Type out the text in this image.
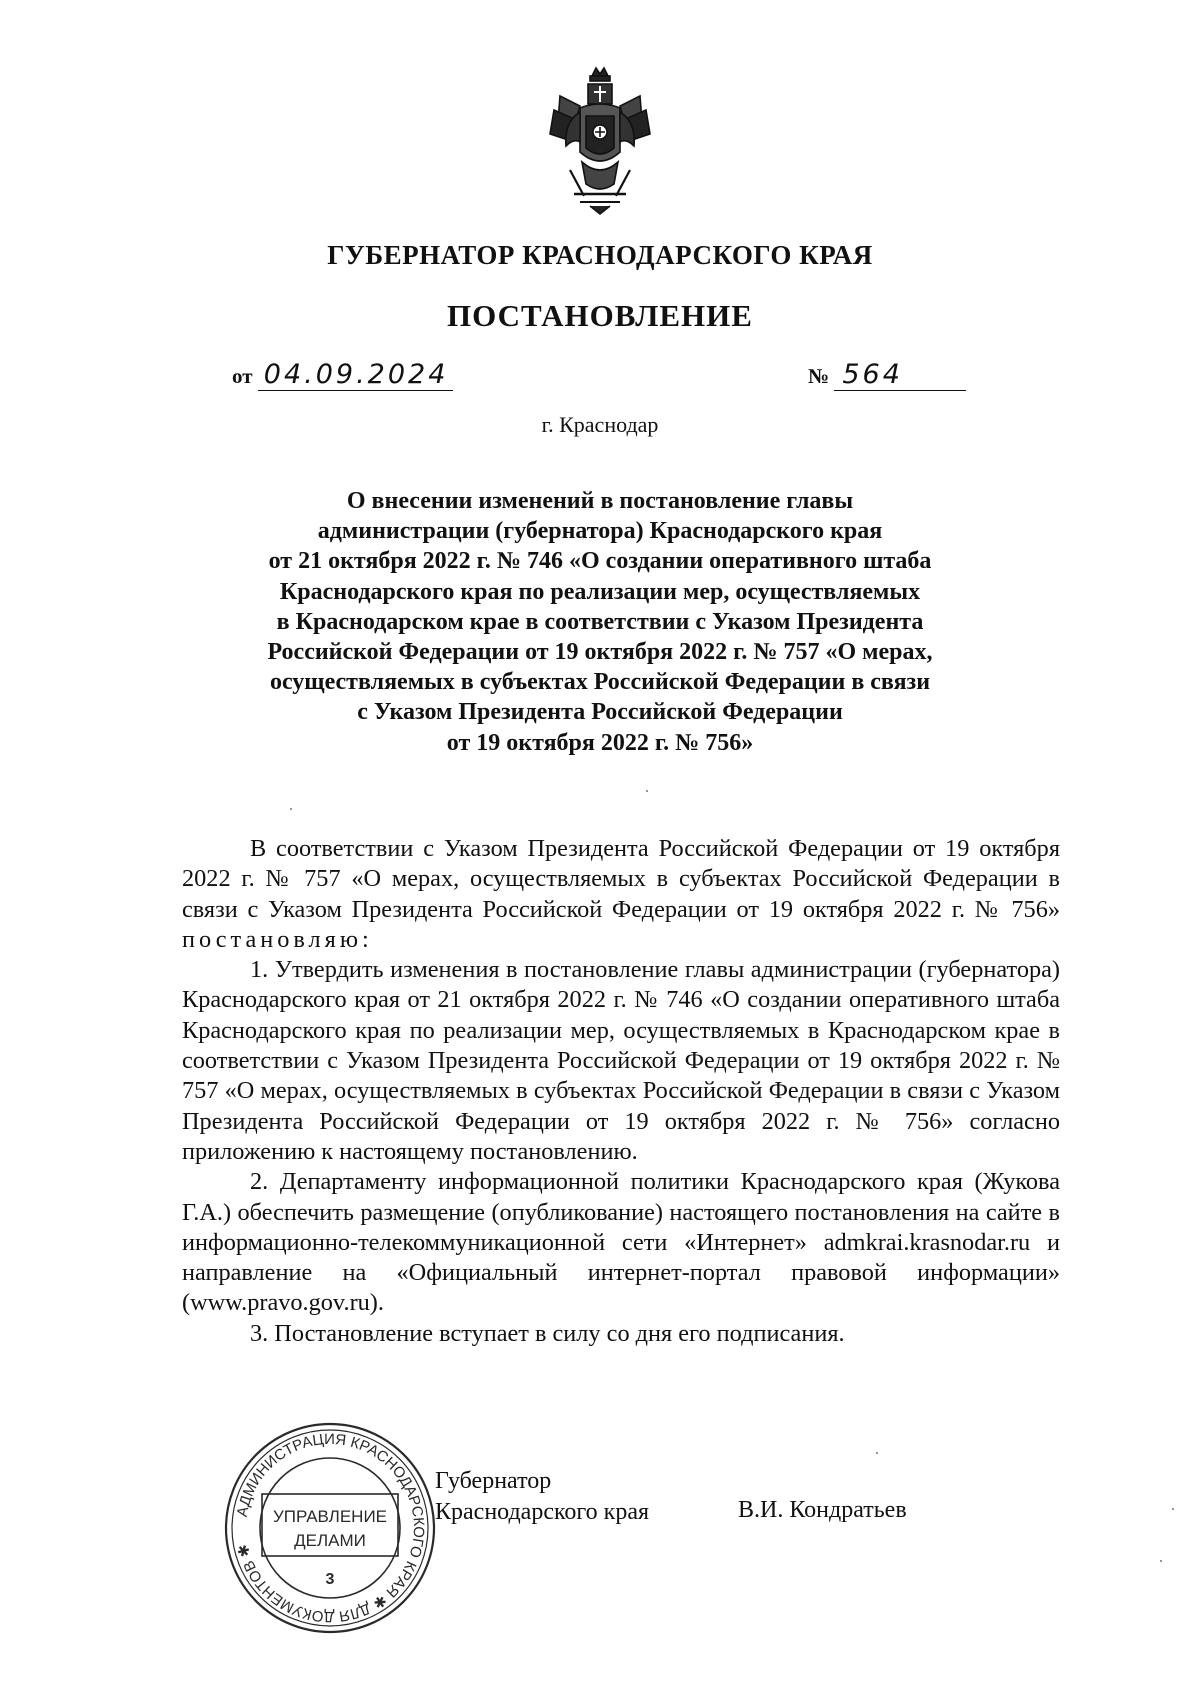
ГУБЕРНАТОР КРАСНОДАРСКОГО КРАЯ
ПОСТАНОВЛЕНИЕ
от 04.09.2024	№ 564
г. Краснодар
О внесении изменений в постановление главы
администрации (губернатора) Краснодарского края
от 21 октября 2022 г. № 746 «О создании оперативного штаба
Краснодарского края по реализации мер, осуществляемых
в Краснодарском крае в соответствии с Указом Президента
Российской Федерации от 19 октября 2022 г. № 757 «О мерах,
осуществляемых в субъектах Российской Федерации в связи
с Указом Президента Российской Федерации
от 19 октября 2022 г. № 756»

В соответствии с Указом Президента Российской Федерации от 19 октября 2022 г. № 757 «О мерах, осуществляемых в субъектах Российской Федерации в связи с Указом Президента Российской Федерации от 19 октября 2022 г. № 756» постановляю:

1. Утвердить изменения в постановление главы администрации (губернатора) Краснодарского края от 21 октября 2022 г. № 746 «О создании оперативного штаба Краснодарского края по реализации мер, осуществляемых в Краснодарском крае в соответствии с Указом Президента Российской Федерации от 19 октября 2022 г. № 757 «О мерах, осуществляемых в субъектах Российской Федерации в связи с Указом Президента Российской Федерации от 19 октября 2022 г. № 756» согласно приложению к настоящему постановлению.

2. Департаменту информационной политики Краснодарского края (Жукова Г.А.) обеспечить размещение (опубликование) настоящего постановления на сайте в информационно-телекоммуникационной сети «Интернет» admkrai.krasnodar.ru и направление на «Официальный интернет-портал правовой информации» (www.pravo.gov.ru).

3. Постановление вступает в силу со дня его подписания.

АДМИНИСТРАЦИЯ КРАСНОДАРСКОГО КРАЯ ✱ ДЛЯ ДОКУМЕНТОВ ✱
УПРАВЛЕНИЕ
ДЕЛАМИ
3
Губернатор
Краснодарского края	В.И. Кондратьев
